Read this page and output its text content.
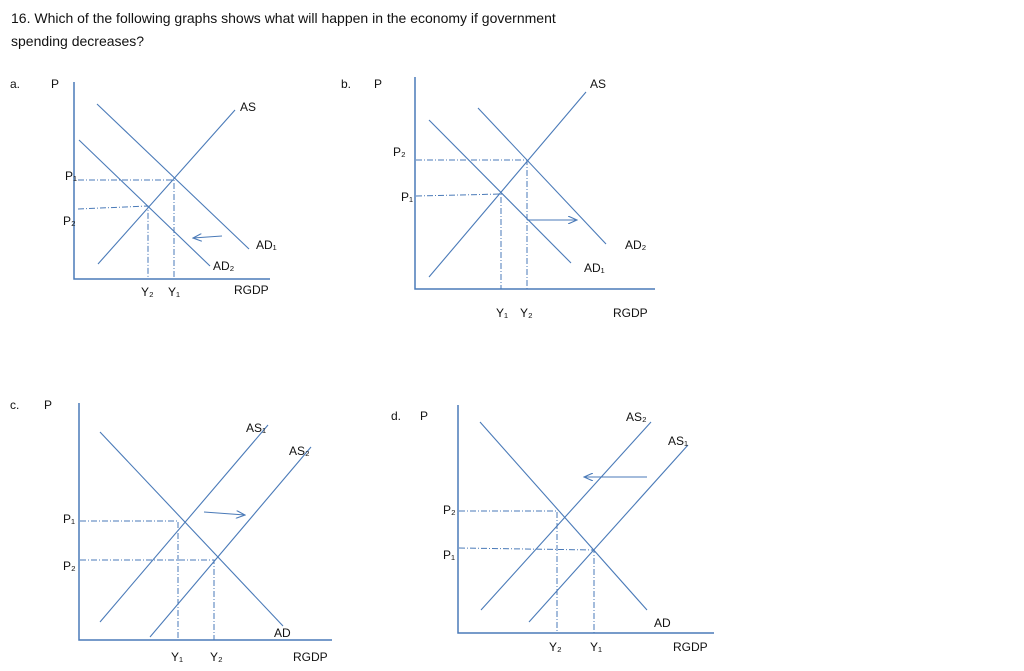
16. Which of the following graphs shows what will happen in the economy if government
spending decreases?
a.	P
AS
AD₁
AD₂
P₁
P₂
Y₂ Y₁	RGDP
b. P	AS
AD₂
AD₁
P₂
P₁
Y₁ Y₂	RGDP
c. P
AS₁
AS₂
AD
P₁
P₂
Y₁ Y₂	RGDP
d. P	AS₂
AS₁
AD
P₂
P₁
Y₂ Y₁	RGDP
